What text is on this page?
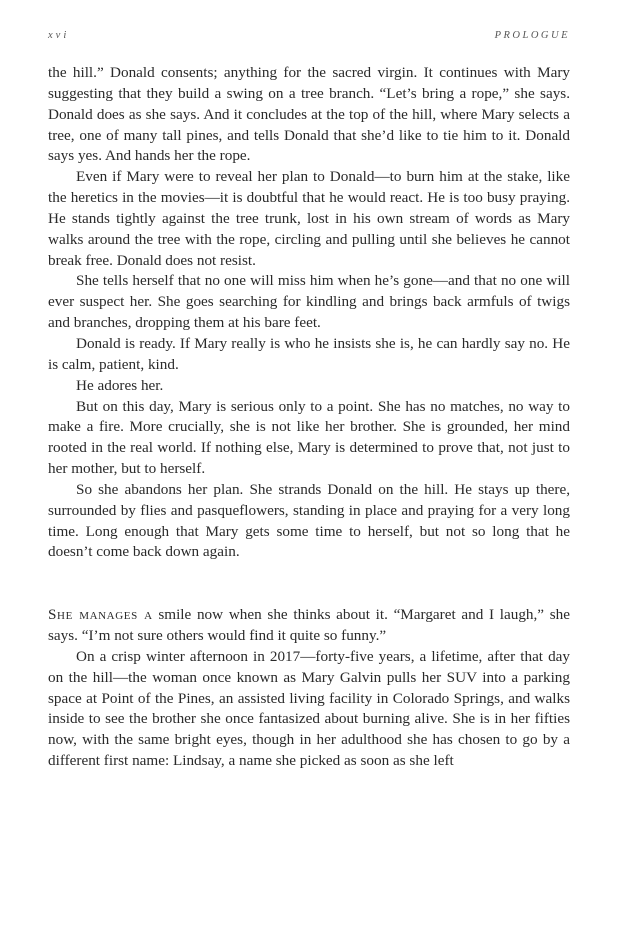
xvi	PROLOGUE

the hill.” Donald consents; anything for the sacred virgin. It continues with Mary suggesting that they build a swing on a tree branch. “Let’s bring a rope,” she says. Donald does as she says. And it concludes at the top of the hill, where Mary selects a tree, one of many tall pines, and tells Donald that she’d like to tie him to it. Donald says yes. And hands her the rope.

Even if Mary were to reveal her plan to Donald—to burn him at the stake, like the heretics in the movies—it is doubtful that he would react. He is too busy praying. He stands tightly against the tree trunk, lost in his own stream of words as Mary walks around the tree with the rope, circling and pulling until she believes he cannot break free. Donald does not resist.

She tells herself that no one will miss him when he’s gone—and that no one will ever suspect her. She goes searching for kindling and brings back armfuls of twigs and branches, dropping them at his bare feet.

Donald is ready. If Mary really is who he insists she is, he can hardly say no. He is calm, patient, kind.

He adores her.

But on this day, Mary is serious only to a point. She has no matches, no way to make a fire. More crucially, she is not like her brother. She is grounded, her mind rooted in the real world. If nothing else, Mary is determined to prove that, not just to her mother, but to herself.

So she abandons her plan. She strands Donald on the hill. He stays up there, surrounded by flies and pasqueflowers, standing in place and praying for a very long time. Long enough that Mary gets some time to herself, but not so long that he doesn’t come back down again.

She manages a smile now when she thinks about it. “Margaret and I laugh,” she says. “I’m not sure others would find it quite so funny.”

On a crisp winter afternoon in 2017—forty-five years, a lifetime, after that day on the hill—the woman once known as Mary Galvin pulls her SUV into a parking space at Point of the Pines, an assisted living facility in Colorado Springs, and walks inside to see the brother she once fantasized about burning alive. She is in her fifties now, with the same bright eyes, though in her adulthood she has chosen to go by a different first name: Lindsay, a name she picked as soon as she left
